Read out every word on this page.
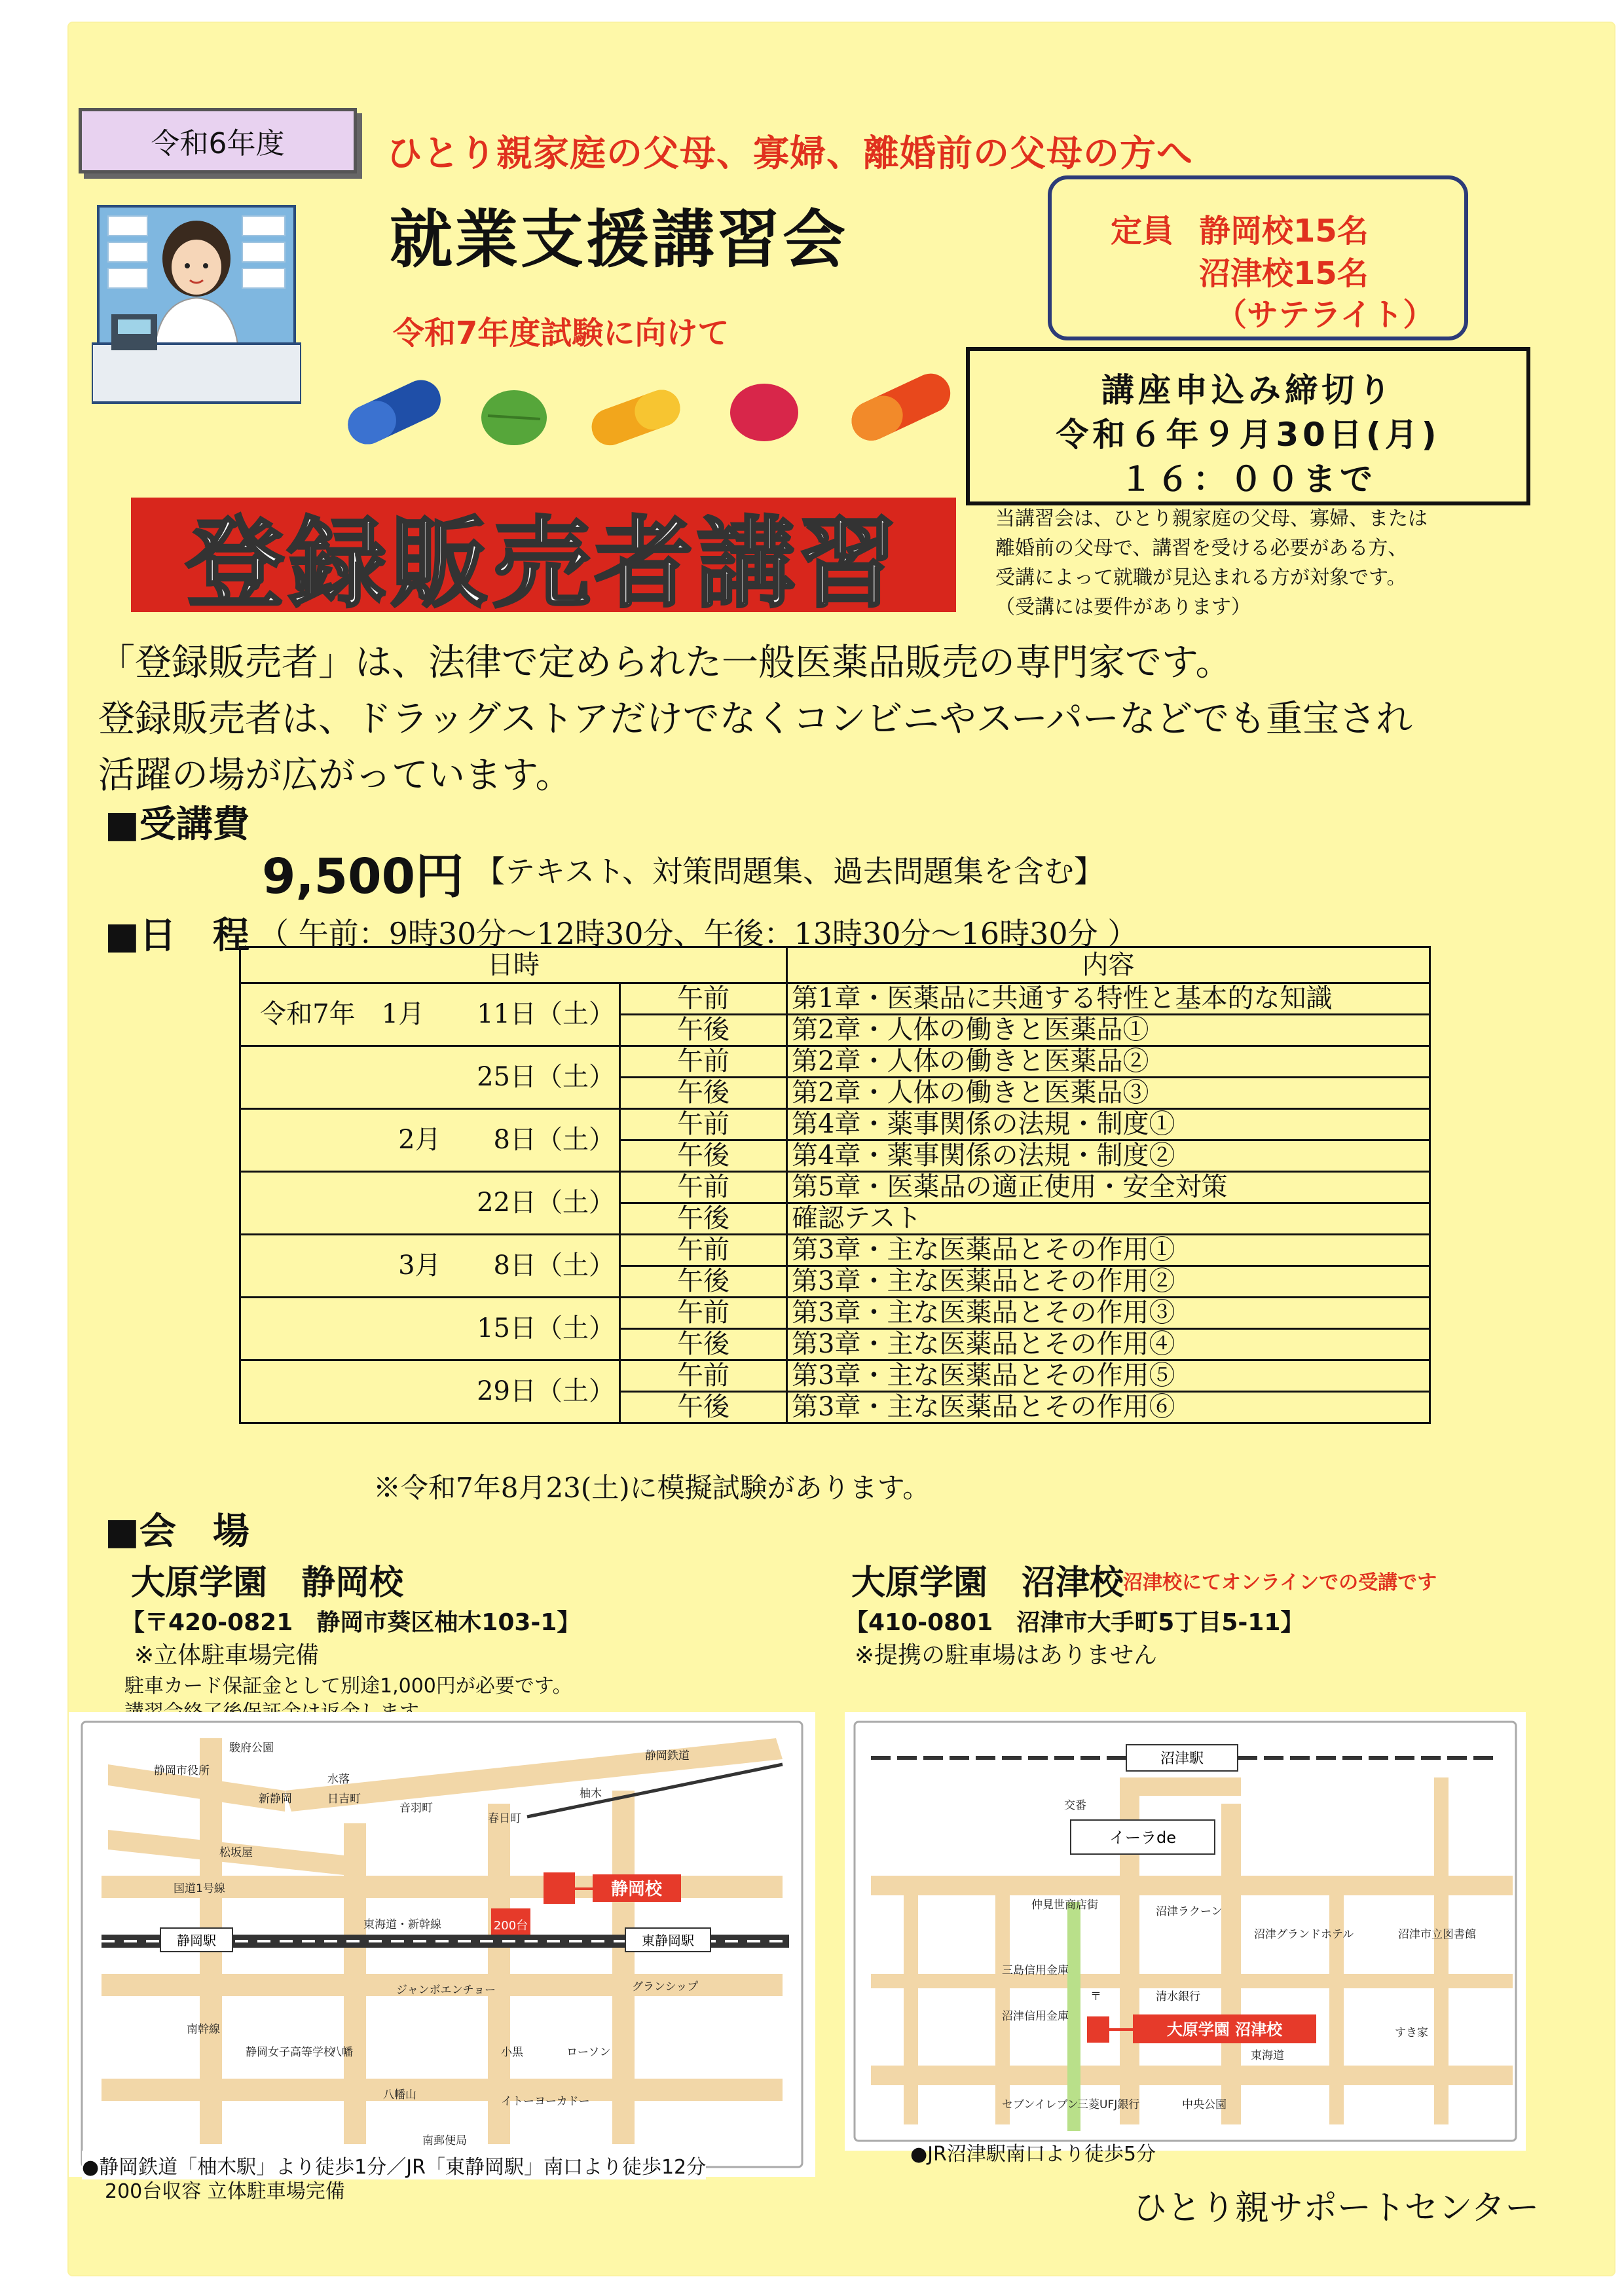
令和6年度	ひとり親家庭の父母、寡婦、離婚前の父母の方へ
就業支援講習会
令和7年度試験に向けて
定員 静岡校15名
沼津校15名
（サテライト）
講座申込み締切り
令和６年９月30日(月)
１６：００まで
登録販売者講習	当講習会は、ひとり親家庭の父母、寡婦、または
離婚前の父母で、講習を受ける必要がある方、
受講によって就職が見込まれる方が対象です。
（受講には要件があります）
「登録販売者」は、法律で定められた一般医薬品販売の専門家です。
登録販売者は、ドラッグストアだけでなくコンビニやスーパーなどでも重宝され
活躍の場が広がっています。
■受講費
9,500円 【テキスト、対策問題集、過去問題集を含む】
■日　程 （ 午前：9時30分～12時30分、午後：13時30分～16時30分 ）
日時		内容
令和7年　1月　　11日（土）	午前	第1章・医薬品に共通する特性と基本的な知識
	午後	第2章・人体の働きと医薬品①
25日（土）	午前	第2章・人体の働きと医薬品②
	午後	第2章・人体の働きと医薬品③
2月　　8日（土）	午前	第4章・薬事関係の法規・制度①
	午後	第4章・薬事関係の法規・制度②
22日（土）	午前	第5章・医薬品の適正使用・安全対策
	午後	確認テスト
3月　　8日（土）	午前	第3章・主な医薬品とその作用①
	午後	第3章・主な医薬品とその作用②
15日（土）	午前	第3章・主な医薬品とその作用③
	午後	第3章・主な医薬品とその作用④
29日（土）	午前	第3章・主な医薬品とその作用⑤
	午後	第3章・主な医薬品とその作用⑥
※令和7年8月23(土)に模擬試験があります。
■会　場
大原学園　静岡校
【〒420-0821　静岡市葵区柚木103-1】
※立体駐車場完備
駐車カード保証金として別途1,000円が必要です。
大原学園　沼津校
沼津校にてオンラインでの受講です
【410-0801　沼津市大手町5丁目5-11】
※提携の駐車場はありません
静岡校
200台
静岡駅	東静岡駅
駿府公園
静岡市役所
水落
新静岡	日吉町
音羽町
春日町
柚木
静岡鉄道
松坂屋
国道1号線
東海道・新幹線
グランシップ
ジャンボエンチョー
南幹線
静岡女子高等学校
八幡	小黒	ローソン
八幡山	イトーヨーカドー
南郵便局
●静岡鉄道「柚木駅」より徒歩1分／JR「東静岡駅」南口より徒歩12分
200台収容 立体駐車場完備
沼津駅
イーラde
大原学園 沼津校
交番
仲見世商店街	沼津ラクーン
沼津グランドホテル	沼津市立図書館
三島信用金庫
清水銀行
沼津信用金庫
〒
東海道
すき家
セブンイレブン
三菱UFJ銀行	中央公園
●JR沼津駅南口より徒歩5分
ひとり親サポートセンター
